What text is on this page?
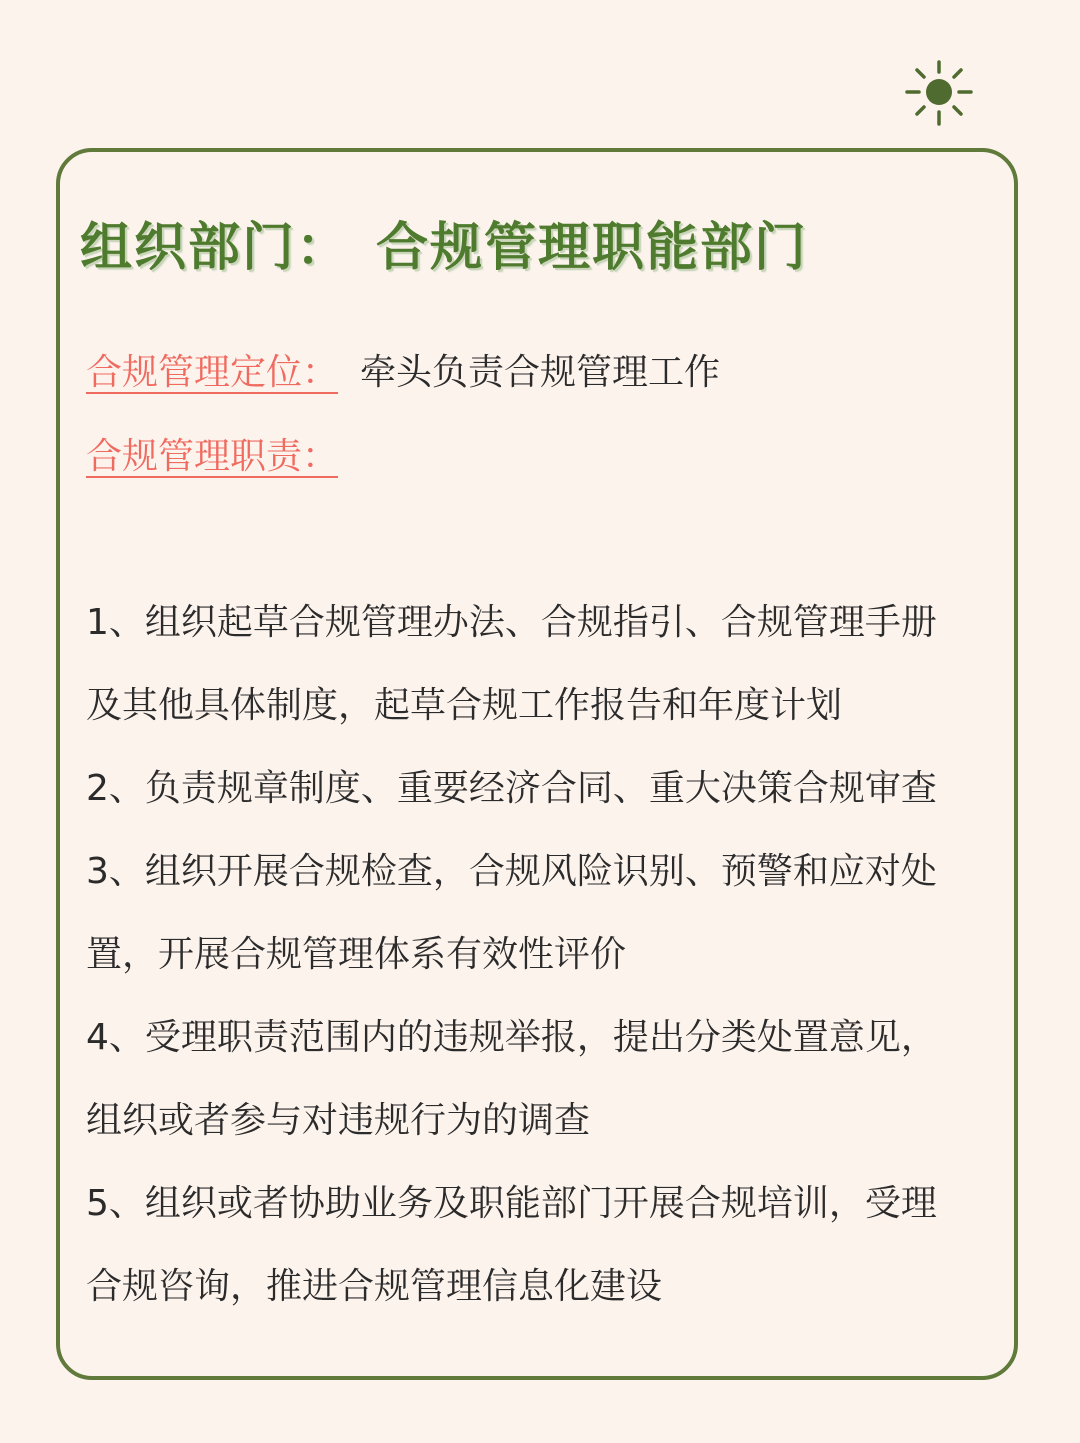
组织部门： 合规管理职能部门

合规管理定位： 牵头负责合规管理工作

合规管理职责：

1、组织起草合规管理办法、合规指引、合规管理手册

及其他具体制度，起草合规工作报告和年度计划

2、负责规章制度、重要经济合同、重大决策合规审查

3、组织开展合规检查，合规风险识别、预警和应对处

置，开展合规管理体系有效性评价

4、受理职责范围内的违规举报，提出分类处置意见，

组织或者参与对违规行为的调查

5、组织或者协助业务及职能部门开展合规培训，受理

合规咨询，推进合规管理信息化建设
